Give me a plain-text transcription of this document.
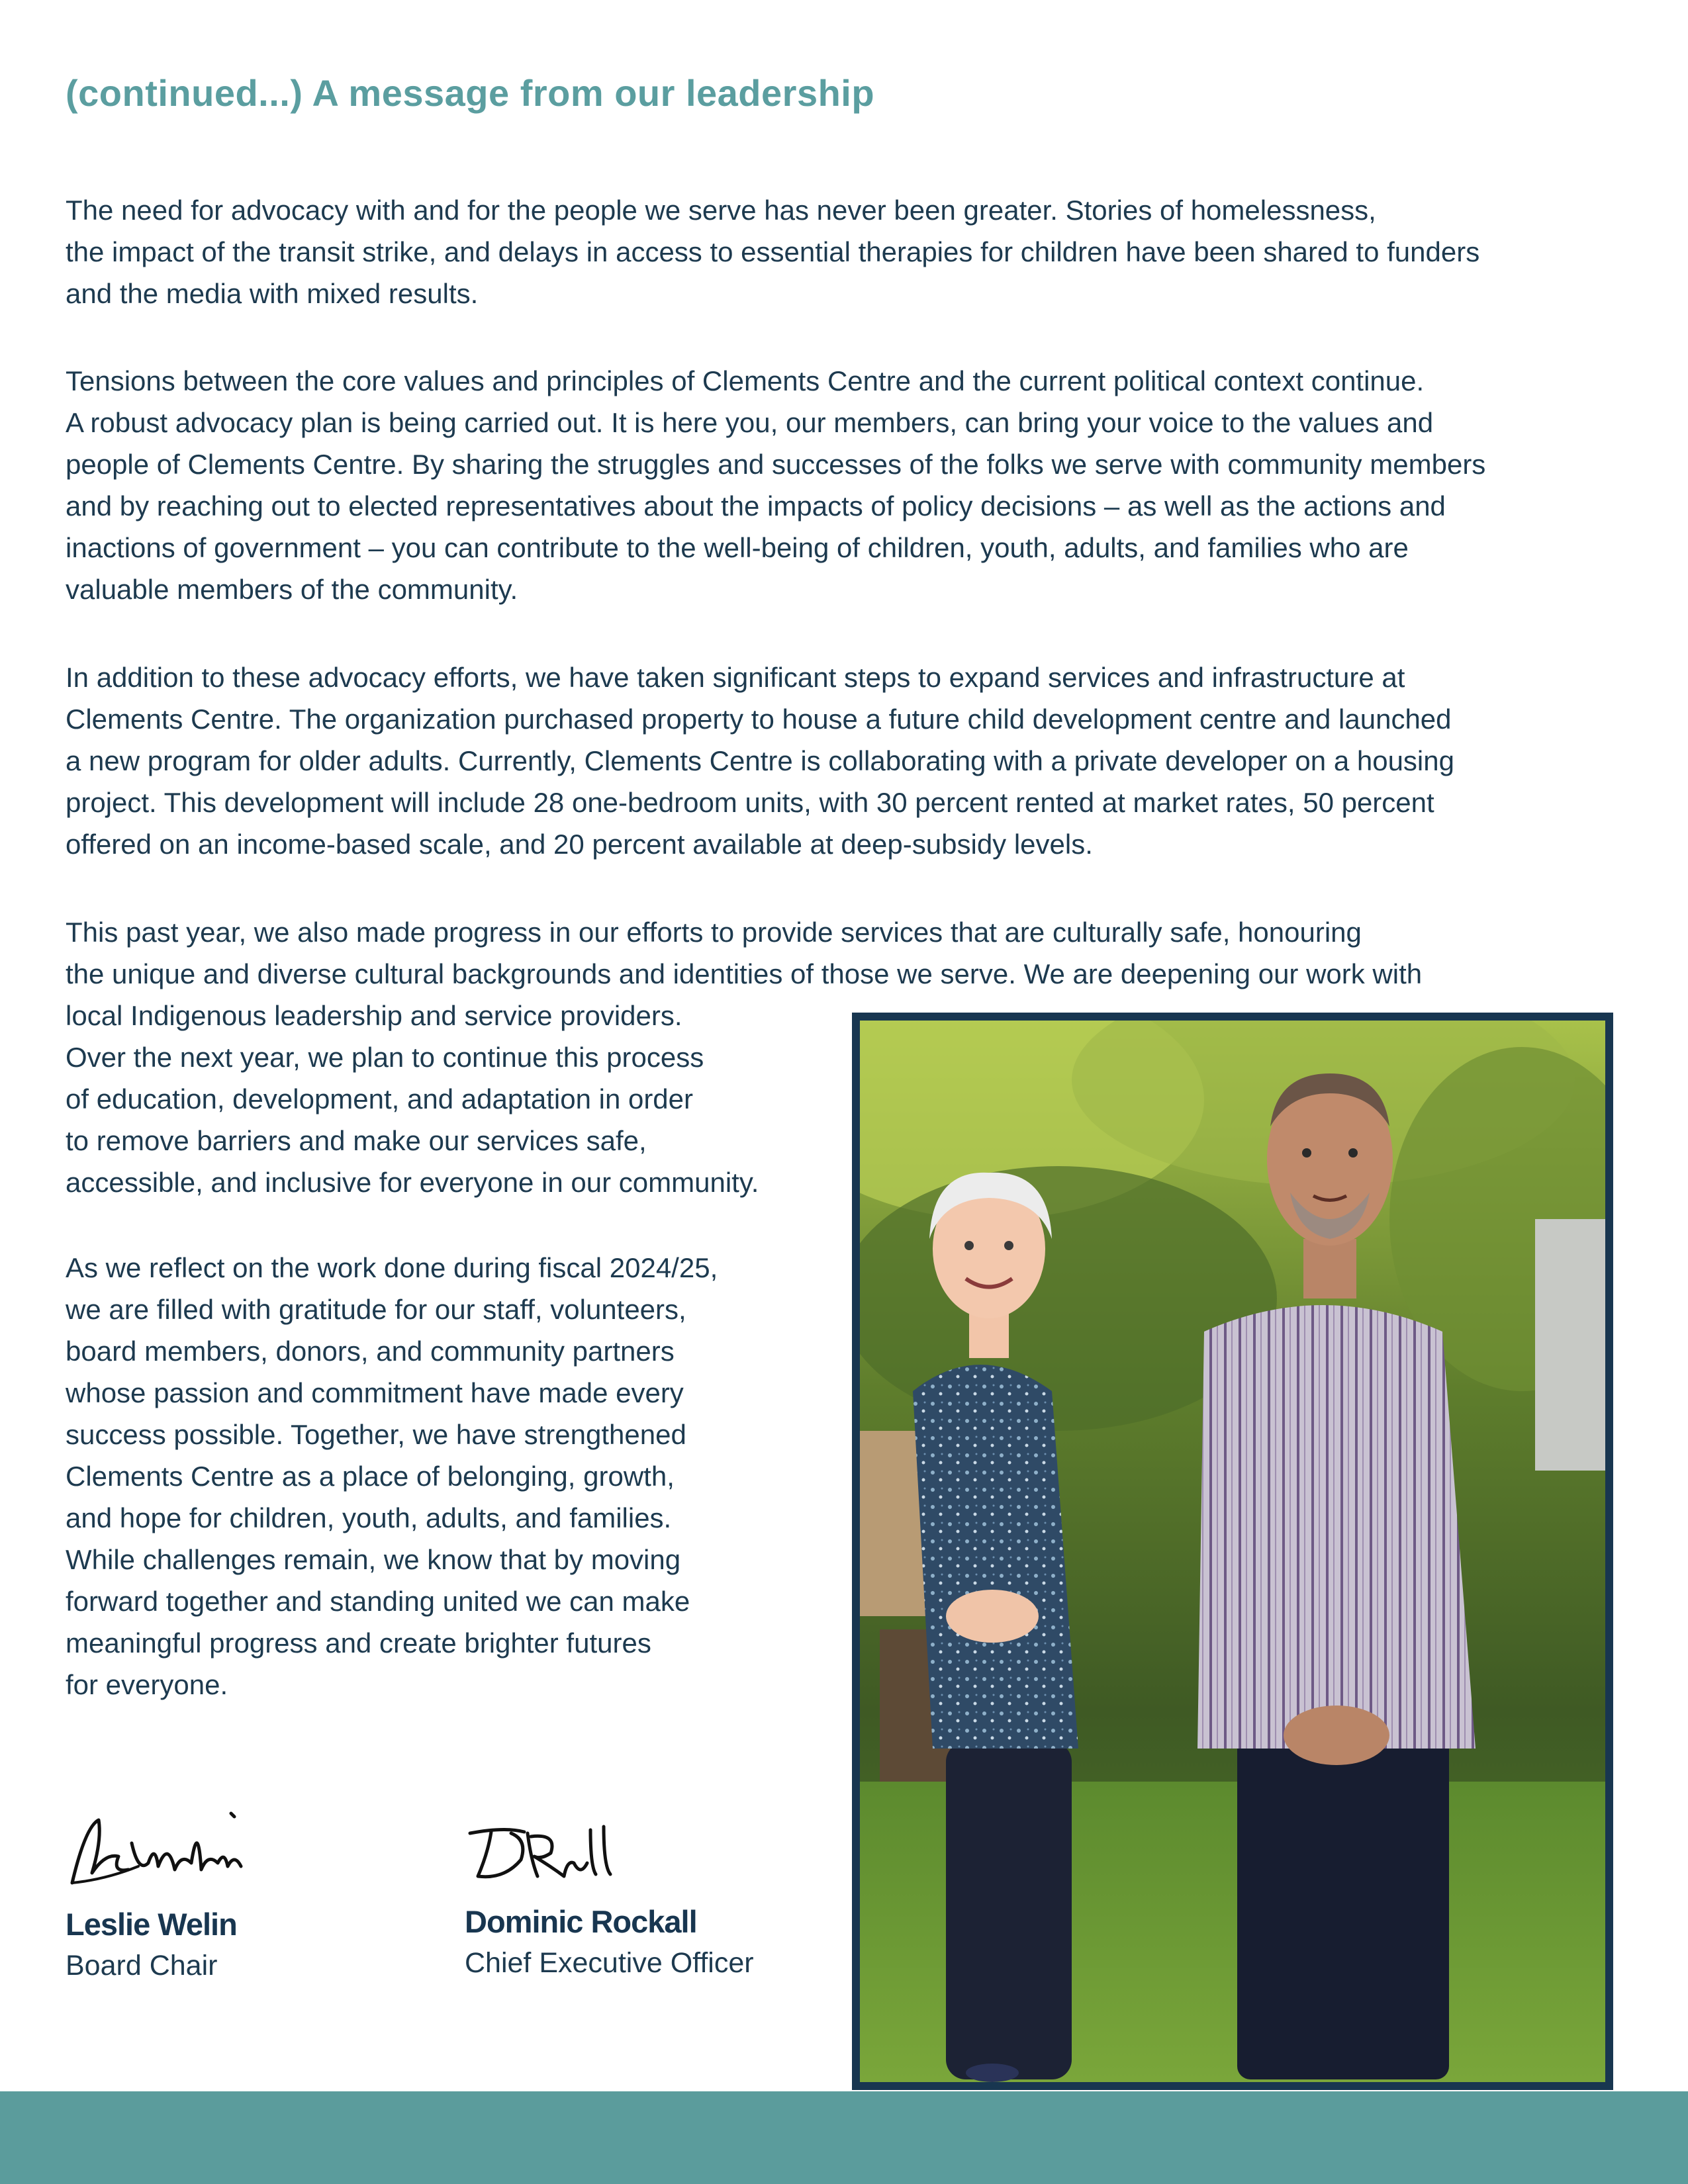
(continued...) A message from our leadership

The need for advocacy with and for the people we serve has never been greater. Stories of homelessness,
the impact of the transit strike, and delays in access to essential therapies for children have been shared to funders
and the media with mixed results.

Tensions between the core values and principles of Clements Centre and the current political context continue.
A robust advocacy plan is being carried out. It is here you, our members, can bring your voice to the values and
people of Clements Centre. By sharing the struggles and successes of the folks we serve with community members
and by reaching out to elected representatives about the impacts of policy decisions – as well as the actions and
inactions of government – you can contribute to the well-being of children, youth, adults, and families who are
valuable members of the community.

In addition to these advocacy efforts, we have taken significant steps to expand services and infrastructure at
Clements Centre. The organization purchased property to house a future child development centre and launched
a new program for older adults. Currently, Clements Centre is collaborating with a private developer on a housing
project. This development will include 28 one-bedroom units, with 30 percent rented at market rates, 50 percent
offered on an income-based scale, and 20 percent available at deep-subsidy levels.

This past year, we also made progress in our efforts to provide services that are culturally safe, honouring
the unique and diverse cultural backgrounds and identities of those we serve. We are deepening our work with
local Indigenous leadership and service providers.
Over the next year, we plan to continue this process
of education, development, and adaptation in order
to remove barriers and make our services safe,
accessible, and inclusive for everyone in our community.

As we reflect on the work done during fiscal 2024/25,
we are filled with gratitude for our staff, volunteers,
board members, donors, and community partners
whose passion and commitment have made every
success possible. Together, we have strengthened
Clements Centre as a place of belonging, growth,
and hope for children, youth, adults, and families.
While challenges remain, we know that by moving
forward together and standing united we can make
meaningful progress and create brighter futures
for everyone.

Leslie Welin
Board Chair
Dominic Rockall
Chief Executive Officer
